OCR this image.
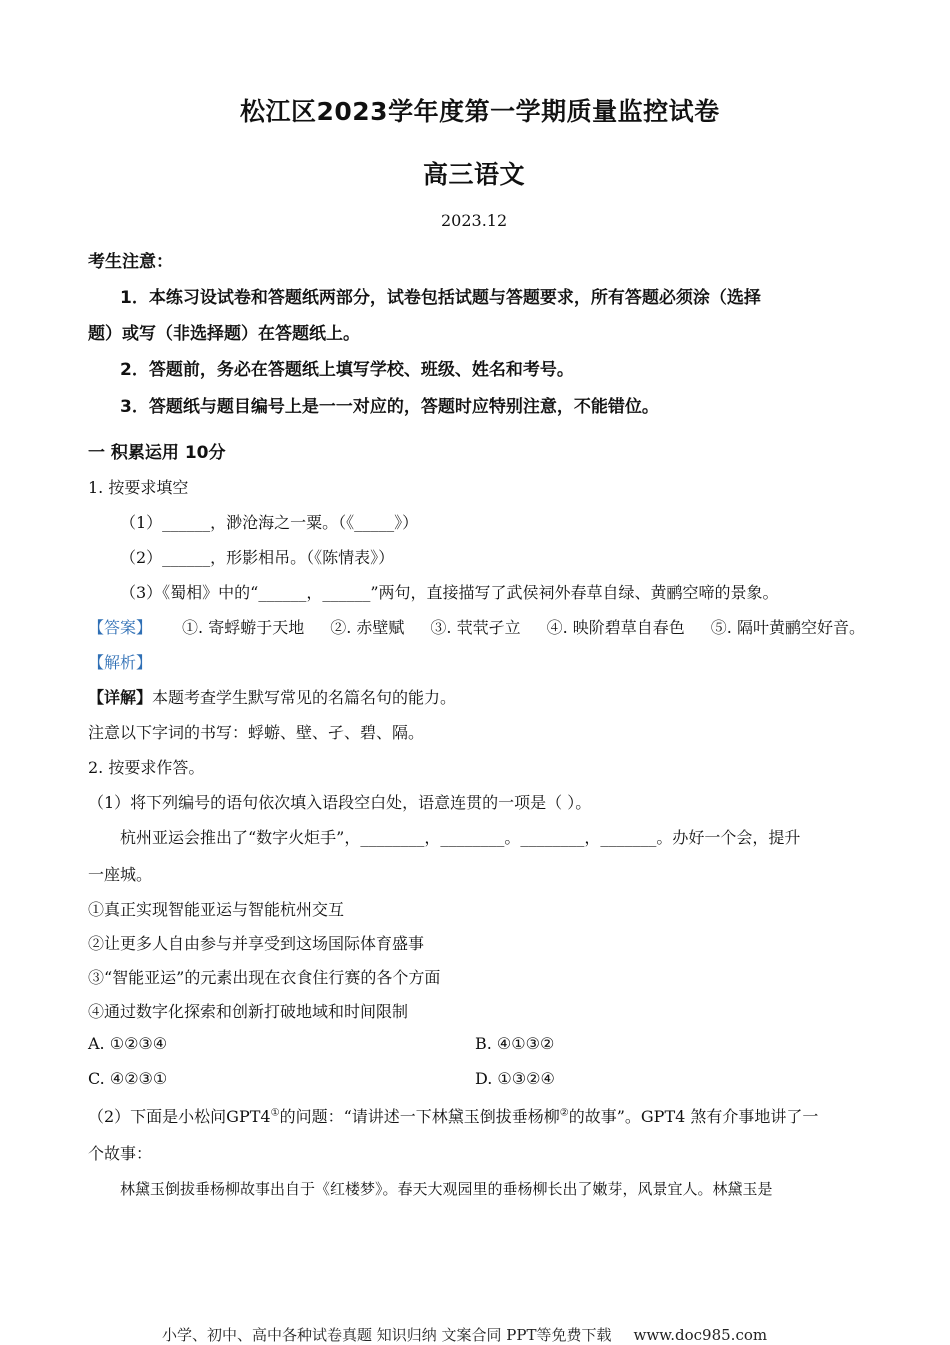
松江区2023学年度第一学期质量监控试卷
高三语文
2023.12
考生注意：
1．本练习设试卷和答题纸两部分，试卷包括试题与答题要求，所有答题必须涂（选择
题）或写（非选择题）在答题纸上。
2．答题前，务必在答题纸上填写学校、班级、姓名和考号。
3．答题纸与题目编号上是一一对应的，答题时应特别注意，不能错位。
一 积累运用 10分
1. 按要求填空
（1）______，渺沧海之一粟。（《_____》）
（2）______，形影相吊。（《陈情表》）
（3）《蜀相》中的“______，______”两句，直接描写了武侯祠外春草自绿、黄鹂空啼的景象。
【答案】 ①. 寄蜉蝣于天地 ②. 赤壁赋 ③. 茕茕孑立 ④. 映阶碧草自春色 ⑤. 隔叶黄鹂空好音。
【解析】
【详解】本题考查学生默写常见的名篇名句的能力。
注意以下字词的书写：蜉蝣、壁、孑、碧、隔。
2. 按要求作答。
（1）将下列编号的语句依次填入语段空白处，语意连贯的一项是（ ）。
杭州亚运会推出了“数字火炬手”，________，________。________，_______。办好一个会，提升
一座城。
①真正实现智能亚运与智能杭州交互
②让更多人自由参与并享受到这场国际体育盛事
③“智能亚运”的元素出现在衣食住行赛的各个方面
④通过数字化探索和创新打破地域和时间限制
A. ①②③④	B. ④①③②
C. ④②③①	D. ①③②④
（2）下面是小松问GPT4①的问题：“请讲述一下林黛玉倒拔垂杨柳②的故事”。GPT4 煞有介事地讲了一
个故事：
林黛玉倒拔垂杨柳故事出自于《红楼梦》。春天大观园里的垂杨柳长出了嫩芽，风景宜人。林黛玉是
小学、初中、高中各种试卷真题 知识归纳 文案合同 PPT等免费下载 www.doc985.com
